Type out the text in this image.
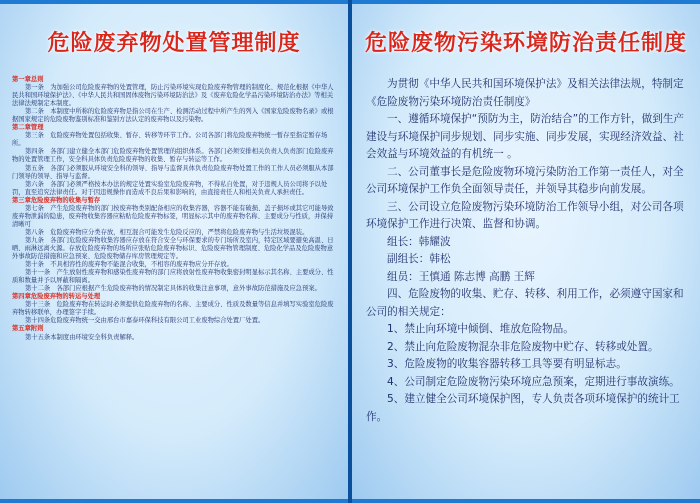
危险废弃物处置管理制度
第一章总则

第一条　为加强公司危险废弃物的处置管理，防止污染环境实现危险废弃物管理的制度化、规范化根据《中华人民共和国环境保护法》、《中华人民共和国固体废物污染环境防治法》及《废弃危险化学品污染环境防治办法》等相关法律法规制定本制度。

第二条　本制度中所称的危险废弃物是指公司在生产、检测活动过程中所产生的列入《国家危险废物名录》或根据国家规定的危险废物鉴别标准和鉴别方法认定的废弃物以及污染物。

第二章管理

第三条　危险废弃物处置包括收集、暂存、转移等环节工作。公司各部门将危险废弃物统一暂存至指定暂存场所。

第四条　各部门建立健全本部门危险废弃物处置管理的组织体系。各部门必须安排相关负责人负责部门危险废弃物的处置管理工作，安全科具体负责危险废弃物的收集、暂存与转运等工作。

第五条　各部门必须服从环境安全科的领导、指导与监督具体负责危险废弃物处置工作的工作人员必须服从本部门领导的领导、指导与监督。

第六条　各部门必须严格按本办法的规定处置实验室危险废弃物，不得私自处置，对于违规人员公司将予以处罚，直至追究法律责任。对于因违规操作而造成不良后果和影响的，由直接责任人和相关负责人承担责任。

第三章危险废弃物的收集与暂存

第七条　产生危险废弃物的部门按废弃物类别配备相应的收集容器，容器不能有破损、盖子损坏或其它可能导致废弃物泄漏的隐患，废弃物收集容器应粘贴危险废弃物标签，明显标示其中的废弃物名称、主要成分与性质，并保持清晰可

第八条　危险废弃物应分类存放，相互混合可能发生危险反应的，严禁将危险废弃物与生活垃圾混装。

第九条　各部门危险废弃物收集容器应存放在符合安全与环保要求的专门场所及室内，特定区域要避免高温、日晒、雨淋远离火源。存放危险废弃物的场所应张贴危险废弃物标识、危险废弃物管理制度、危险化学品及危险废物意外事故防范措施和应急预案、危险废物储存库房管理规定等。

第十条　不具相容性的废弃物不能混合收集，不相容的废弃物应分开存放。

第十一条　产生放射性废弃物和感染性废弃物的部门应将放射性废弃物收集密封明显标示其名称、主要成分、性质和数量并予以屏蔽和隔离。

第十二条　各部门应根据产生危险废弃物的情况制定具体的收集注意事项，意外事故防范措施及应急预案。

第四章危险废弃物的转运与处理

第十三条　危险废弃物在转运时必须提供危险废弃物的名称、主要成分、性质及数量等信息并填写实验室危险废弃物转移联单，办理签字手续。

第十四条危险废弃物统一交由邢台市嘉泰环保科技有限公司工业废物综合处置厂处置。

第五章附则

第十五条本制度由环境安全科负责解释。

危险废物污染环境防治责任制度

为贯彻《中华人民共和国环境保护法》及相关法律法规，特制定《危险废物污染环境防治责任制度》

一、遵循环境保护“预防为主，防治结合”的工作方针，做到生产建设与环境保护同步规划、同步实施、同步发展，实现经济效益、社会效益与环境效益的有机统一 。

二、公司董事长是危险废物环境污染防治工作第一责任人，对全公司环境保护工作负全面领导责任，并领导其稳步向前发展。

三、公司设立危险废物污染环境防治工作领导小组，对公司各项环境保护工作进行决策、监督和协调。

组长：韩耀波

副组长：韩松

组员：王慎通 陈志博 高鹏 王辉

四、危险废物的收集、贮存、转移、利用工作，必须遵守国家和公司的相关规定：

1、禁止向环境中倾倒、堆放危险物品。

2、禁止向危险废物混杂非危险废物中贮存、转移或处置。

3、危险废物的收集容器转移工具等要有明显标志。

4、公司制定危险废物污染环境应急预案，定期进行事故演练。

5、建立健全公司环境保护图，专人负责各项环境保护的统计工作。
